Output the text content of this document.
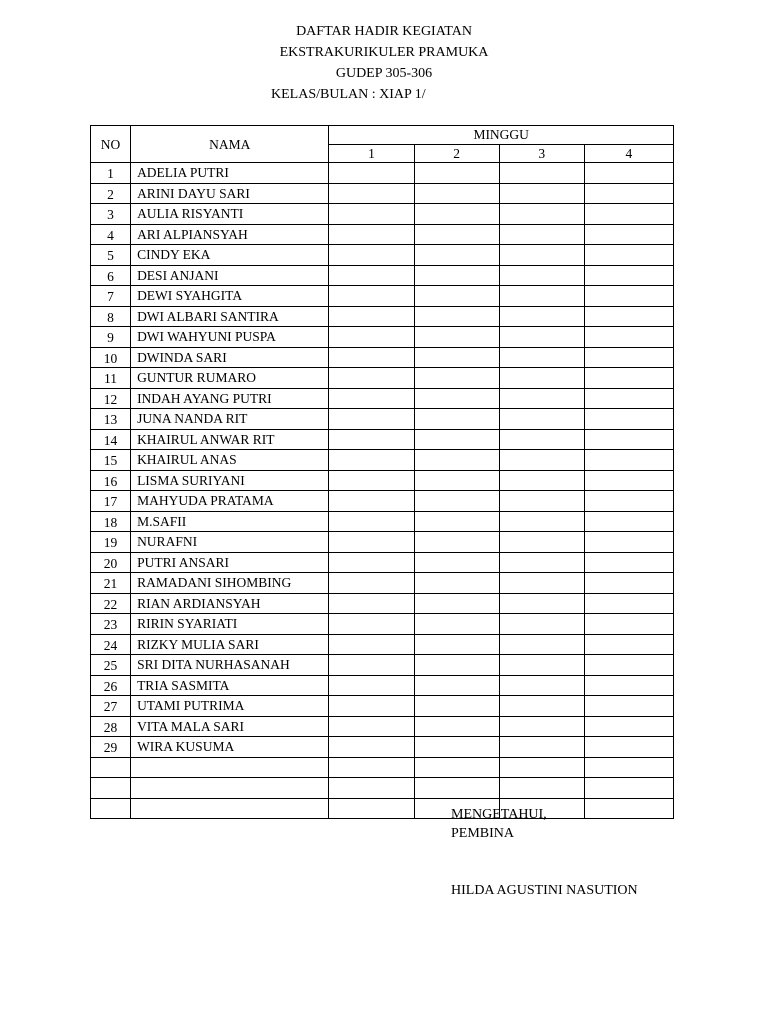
DAFTAR HADIR KEGIATAN
EKSTRAKURIKULER PRAMUKA
GUDEP 305-306
KELAS/BULAN : XIAP 1/
NO	NAMA	MINGGU			
		1	2	3	4
1	ADELIA PUTRI				
2	ARINI DAYU SARI				
3	AULIA RISYANTI				
4	ARI ALPIANSYAH				
5	CINDY EKA				
6	DESI ANJANI				
7	DEWI SYAHGITA				
8	DWI ALBARI SANTIRA				
9	DWI WAHYUNI PUSPA				
10	DWINDA SARI				
11	GUNTUR RUMARO				
12	INDAH AYANG PUTRI				
13	JUNA NANDA RIT				
14	KHAIRUL ANWAR RIT				
15	KHAIRUL ANAS				
16	LISMA SURIYANI				
17	MAHYUDA PRATAMA				
18	M.SAFII				
19	NURAFNI				
20	PUTRI ANSARI				
21	RAMADANI SIHOMBING				
22	RIAN ARDIANSYAH				
23	RIRIN SYARIATI				
24	RIZKY MULIA SARI				
25	SRI DITA NURHASANAH				
26	TRIA SASMITA				
27	UTAMI PUTRIMA				
28	VITA MALA SARI				
29	WIRA KUSUMA				

MENGETAHUI,
PEMBINA
HILDA AGUSTINI NASUTION
